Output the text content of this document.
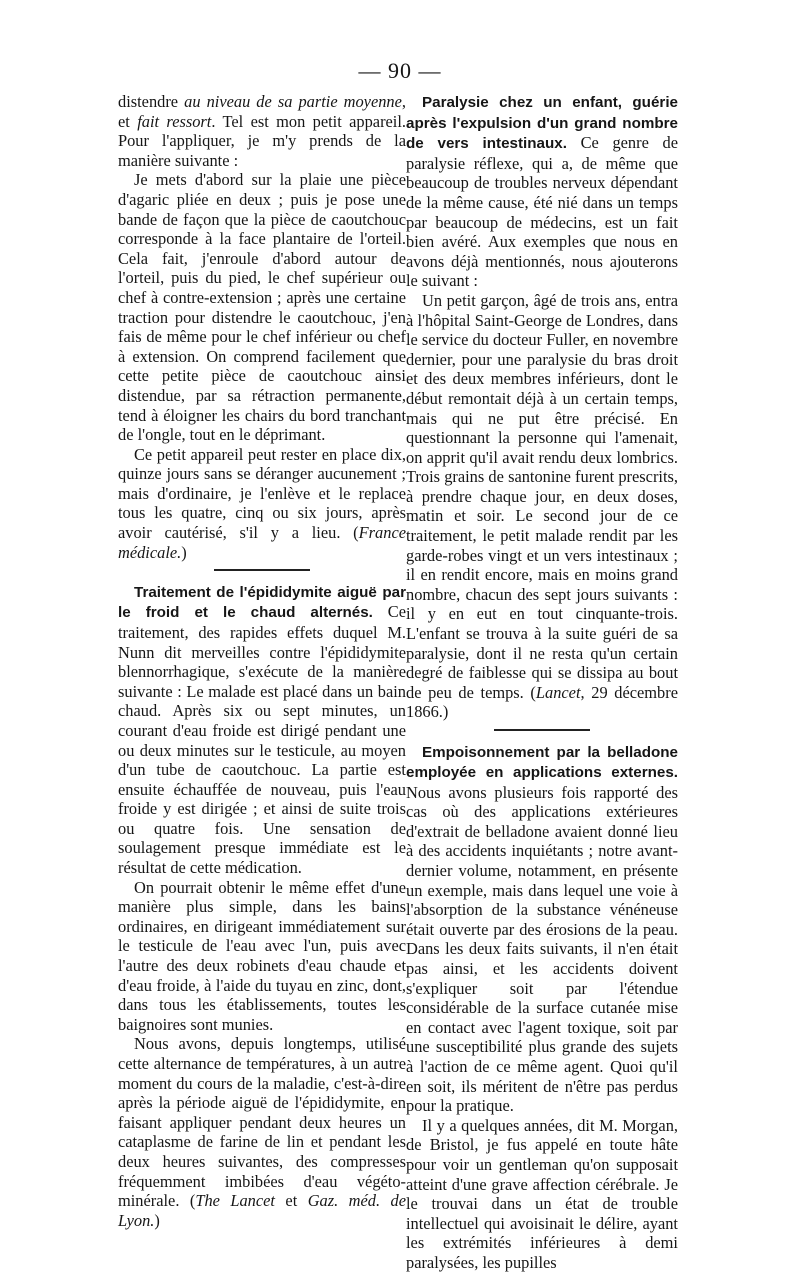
— 90 —

distendre au niveau de sa partie moyenne, et fait ressort. Tel est mon petit appareil. Pour l'appliquer, je m'y prends de la manière suivante :

Je mets d'abord sur la plaie une pièce d'agaric pliée en deux ; puis je pose une bande de façon que la pièce de caoutchouc corresponde à la face plantaire de l'orteil. Cela fait, j'enroule d'abord autour de l'orteil, puis du pied, le chef supérieur ou chef à contre-extension ; après une certaine traction pour distendre le caoutchouc, j'en fais de même pour le chef inférieur ou chef à extension. On comprend facilement que cette petite pièce de caoutchouc ainsi distendue, par sa rétraction permanente, tend à éloigner les chairs du bord tranchant de l'ongle, tout en le déprimant.

Ce petit appareil peut rester en place dix, quinze jours sans se déranger aucunement ; mais d'ordinaire, je l'enlève et le replace tous les quatre, cinq ou six jours, après avoir cautérisé, s'il y a lieu. (France médicale.)

Traitement de l'épididymite aiguë par le froid et le chaud alternés. Ce traitement, des rapides effets duquel M. Nunn dit merveilles contre l'épididymite blennorrhagique, s'exécute de la manière suivante : Le malade est placé dans un bain chaud. Après six ou sept minutes, un courant d'eau froide est dirigé pendant une ou deux minutes sur le testicule, au moyen d'un tube de caoutchouc. La partie est ensuite échauffée de nouveau, puis l'eau froide y est dirigée ; et ainsi de suite trois ou quatre fois. Une sensation de soulagement presque immédiate est le résultat de cette médication.

On pourrait obtenir le même effet d'une manière plus simple, dans les bains ordinaires, en dirigeant immédiatement sur le testicule de l'eau avec l'un, puis avec l'autre des deux robinets d'eau chaude et d'eau froide, à l'aide du tuyau en zinc, dont, dans tous les établissements, toutes les baignoires sont munies.

Nous avons, depuis longtemps, utilisé cette alternance de températures, à un autre moment du cours de la maladie, c'est-à-dire après la période aiguë de l'épididymite, en faisant appliquer pendant deux heures un cataplasme de farine de lin et pendant les deux heures suivantes, des compresses fréquemment imbibées d'eau végéto-minérale. (The Lancet et Gaz. méd. de Lyon.)

Paralysie chez un enfant, guérie après l'expulsion d'un grand nombre de vers intestinaux. Ce genre de paralysie réflexe, qui a, de même que beaucoup de troubles nerveux dépendant de la même cause, été nié dans un temps par beaucoup de médecins, est un fait bien avéré. Aux exemples que nous en avons déjà mentionnés, nous ajouterons le suivant :

Un petit garçon, âgé de trois ans, entra à l'hôpital Saint-George de Londres, dans le service du docteur Fuller, en novembre dernier, pour une paralysie du bras droit et des deux membres inférieurs, dont le début remontait déjà à un certain temps, mais qui ne put être précisé. En questionnant la personne qui l'amenait, on apprit qu'il avait rendu deux lombrics. Trois grains de santonine furent prescrits, à prendre chaque jour, en deux doses, matin et soir. Le second jour de ce traitement, le petit malade rendit par les garde-robes vingt et un vers intestinaux ; il en rendit encore, mais en moins grand nombre, chacun des sept jours suivants : il y en eut en tout cinquante-trois. L'enfant se trouva à la suite guéri de sa paralysie, dont il ne resta qu'un certain degré de faiblesse qui se dissipa au bout de peu de temps. (Lancet, 29 décembre 1866.)

Empoisonnement par la belladone employée en applications externes. Nous avons plusieurs fois rapporté des cas où des applications extérieures d'extrait de belladone avaient donné lieu à des accidents inquiétants ; notre avant-dernier volume, notamment, en présente un exemple, mais dans lequel une voie à l'absorption de la substance vénéneuse était ouverte par des érosions de la peau. Dans les deux faits suivants, il n'en était pas ainsi, et les accidents doivent s'expliquer soit par l'étendue considérable de la surface cutanée mise en contact avec l'agent toxique, soit par une susceptibilité plus grande des sujets à l'action de ce même agent. Quoi qu'il en soit, ils méritent de n'être pas perdus pour la pratique.

Il y a quelques années, dit M. Morgan, de Bristol, je fus appelé en toute hâte pour voir un gentleman qu'on supposait atteint d'une grave affection cérébrale. Je le trouvai dans un état de trouble intellectuel qui avoisinait le délire, ayant les extrémités inférieures à demi paralysées, les pupilles
